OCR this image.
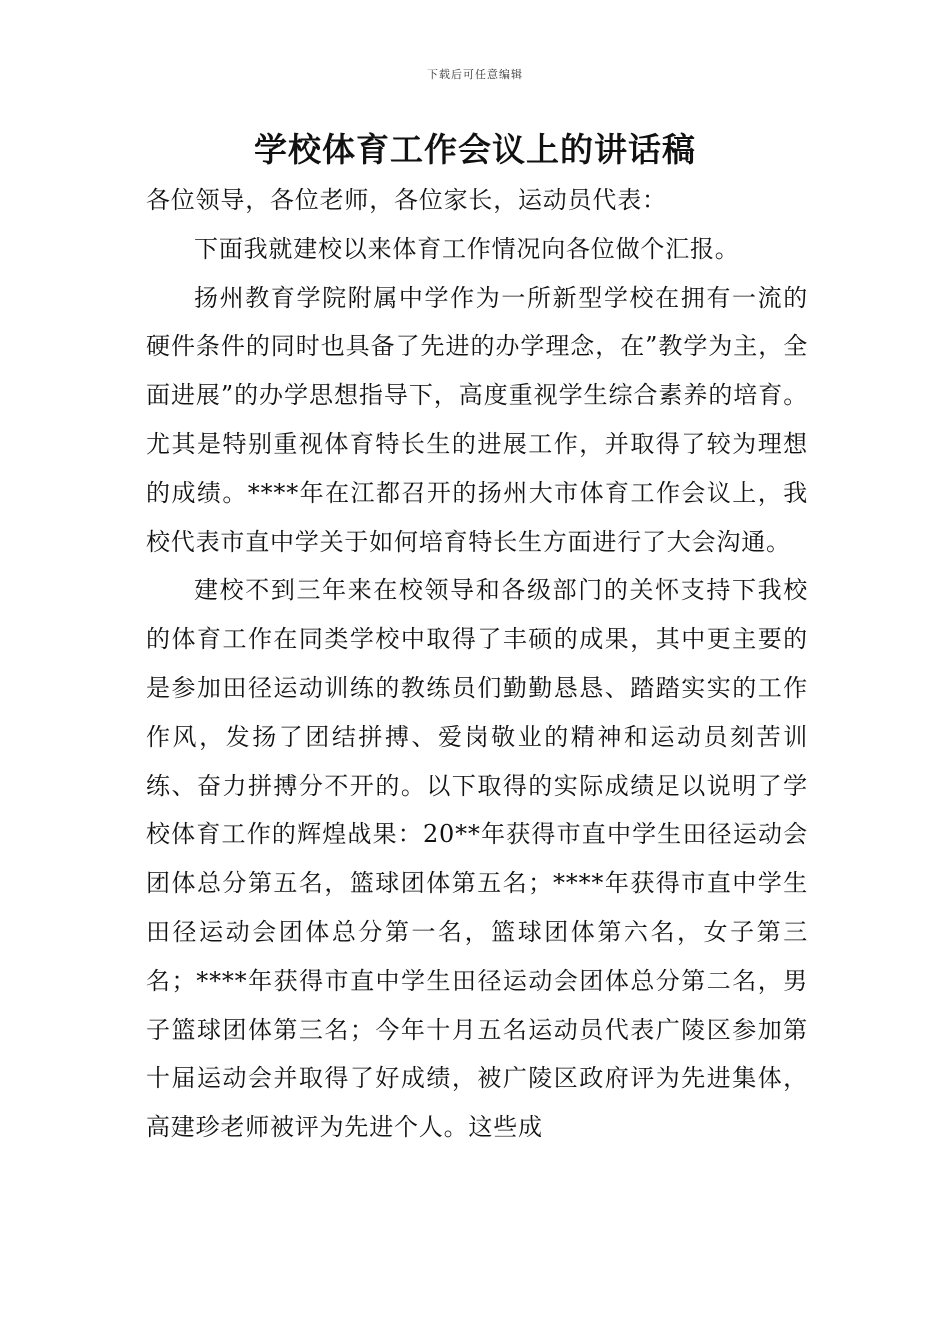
下载后可任意编辑
学校体育工作会议上的讲话稿

各位领导，各位老师，各位家长，运动员代表：

下面我就建校以来体育工作情况向各位做个汇报。

扬州教育学院附属中学作为一所新型学校在拥有一流的硬件条件的同时也具备了先进的办学理念，在”教学为主，全面进展”的办学思想指导下，高度重视学生综合素养的培育。尤其是特别重视体育特长生的进展工作，并取得了较为理想的成绩。****年在江都召开的扬州大市体育工作会议上，我校代表市直中学关于如何培育特长生方面进行了大会沟通。

建校不到三年来在校领导和各级部门的关怀支持下我校的体育工作在同类学校中取得了丰硕的成果，其中更主要的是参加田径运动训练的教练员们勤勤恳恳、踏踏实实的工作作风，发扬了团结拼搏、爱岗敬业的精神和运动员刻苦训练、奋力拼搏分不开的。以下取得的实际成绩足以说明了学校体育工作的辉煌战果：20**年获得市直中学生田径运动会团体总分第五名，篮球团体第五名；****年获得市直中学生田径运动会团体总分第一名，篮球团体第六名，女子第三名；****年获得市直中学生田径运动会团体总分第二名，男子篮球团体第三名；今年十月五名运动员代表广陵区参加第十届运动会并取得了好成绩，被广陵区政府评为先进集体，高建珍老师被评为先进个人。这些成
